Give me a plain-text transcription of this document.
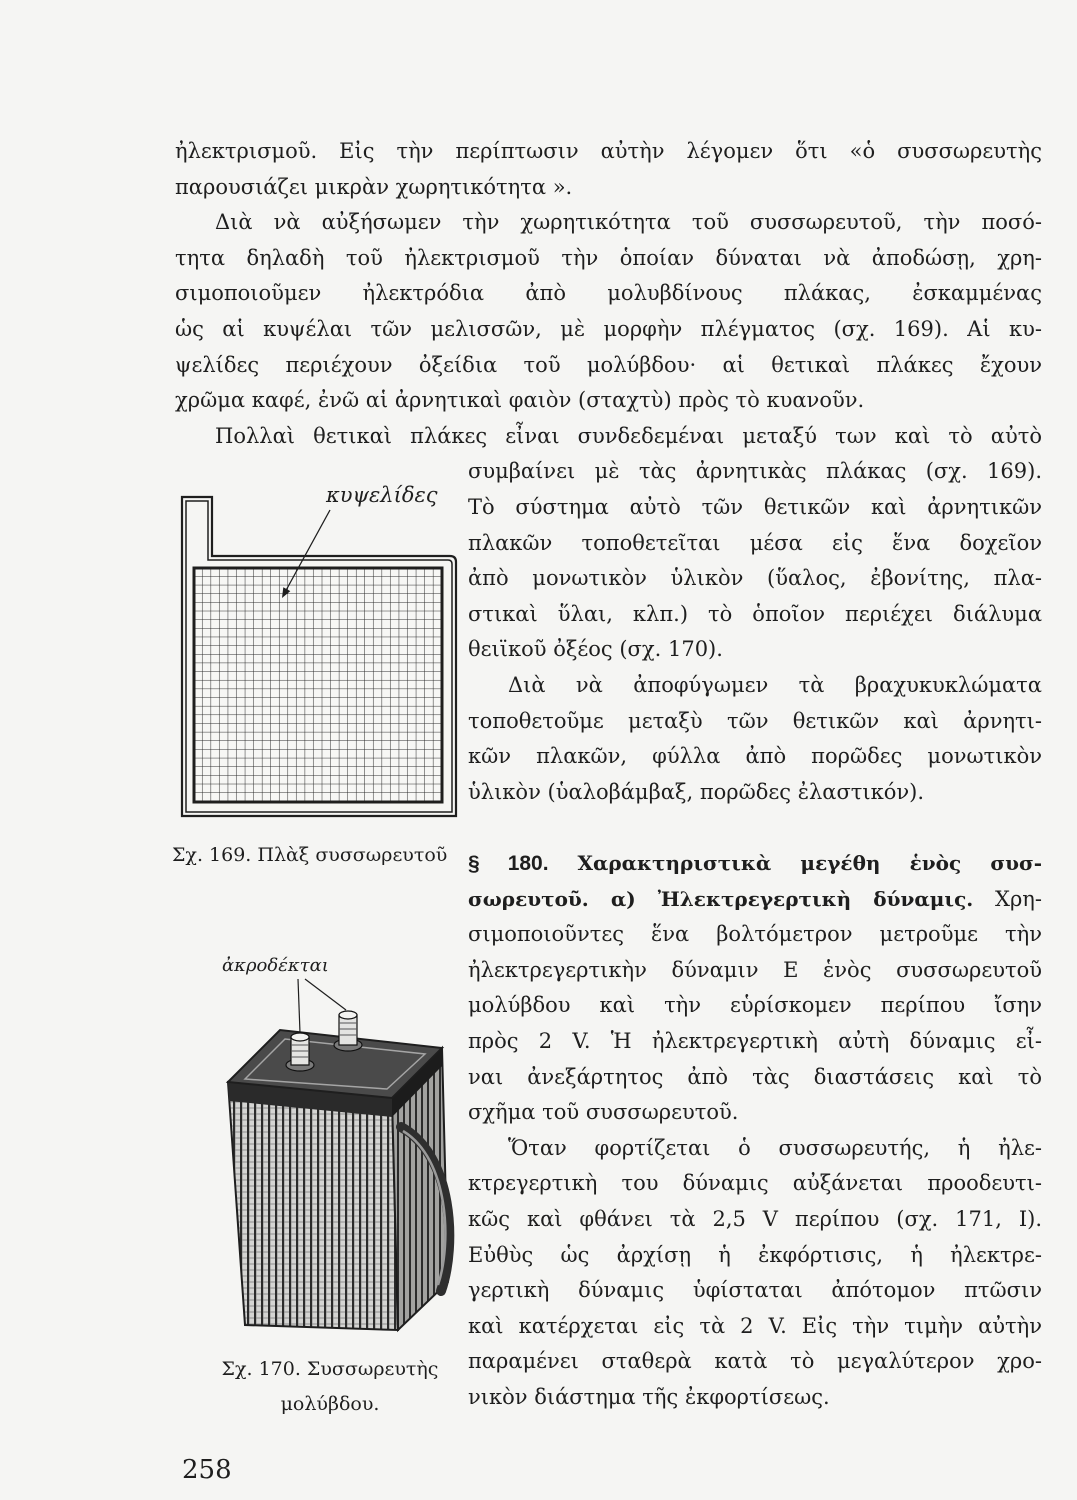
ἠλεκτρισμοῦ. Εἰς τὴν περίπτωσιν αὐτὴν λέγομεν ὅτι «ὁ συσσωρευτὴς
παρουσιάζει μικρὰν χωρητικότητα ».
Διὰ νὰ αὐξήσωμεν τὴν χωρητικότητα τοῦ συσσωρευτοῦ, τὴν ποσό-
τητα δηλαδὴ τοῦ ἠλεκτρισμοῦ τὴν ὁποίαν δύναται νὰ ἀποδώσῃ, χρη-
σιμοποιοῦμεν ἠλεκτρόδια ἀπὸ μολυβδίνους πλάκας, ἐσκαμμένας
ὡς αἱ κυψέλαι τῶν μελισσῶν, μὲ μορφὴν πλέγματος (σχ. 169). Αἱ κυ-
ψελίδες περιέχουν ὀξείδια τοῦ μολύβδου· αἱ θετικαὶ πλάκες ἔχουν
χρῶμα καφέ, ἐνῶ αἱ ἀρνητικαὶ φαιὸν (σταχτὺ) πρὸς τὸ κυανοῦν.
Πολλαὶ θετικαὶ πλάκες εἶναι συνδεδεμέναι μεταξύ των καὶ τὸ αὐτὸ
συμβαίνει μὲ τὰς ἀρνητικὰς πλάκας (σχ. 169).
Τὸ σύστημα αὐτὸ τῶν θετικῶν καὶ ἀρνητικῶν
πλακῶν τοποθετεῖται μέσα εἰς ἕνα δοχεῖον
ἀπὸ μονωτικὸν ὑλικὸν (ὕαλος, ἐβονίτης, πλα-
στικαὶ ὕλαι, κλπ.) τὸ ὁποῖον περιέχει διάλυμα
θειϊκοῦ ὀξέος (σχ. 170).
Διὰ νὰ ἀποφύγωμεν τὰ βραχυκυκλώματα
τοποθετοῦμε μεταξὺ τῶν θετικῶν καὶ ἀρνητι-
κῶν πλακῶν, φύλλα ἀπὸ πορῶδες μονωτικὸν
ὑλικὸν (ὑαλοβάμβαξ, πορῶδες ἐλαστικόν).
§ 180. Χαρακτηριστικὰ μεγέθη ἑνὸς συσ-
σωρευτοῦ. α) Ἠλεκτρεγερτικὴ δύναμις. Χρη-
σιμοποιοῦντες ἕνα βολτόμετρον μετροῦμε τὴν
ἠλεκτρεγερτικὴν δύναμιν E ἑνὸς συσσωρευτοῦ
μολύβδου καὶ τὴν εὑρίσκομεν περίπου ἴσην
πρὸς 2 V. Ἡ ἠλεκτρεγερτικὴ αὐτὴ δύναμις εἶ-
ναι ἀνεξάρτητος ἀπὸ τὰς διαστάσεις καὶ τὸ
σχῆμα τοῦ συσσωρευτοῦ.
Ὅταν φορτίζεται ὁ συσσωρευτής, ἡ ἠλε-
κτρεγερτικὴ του δύναμις αὐξάνεται προοδευτι-
κῶς καὶ φθάνει τὰ 2,5 V περίπου (σχ. 171, I).
Εὐθὺς ὡς ἀρχίσῃ ἡ ἐκφόρτισις, ἡ ἠλεκτρε-
γερτικὴ δύναμις ὑφίσταται ἀπότομον πτῶσιν
καὶ κατέρχεται εἰς τὰ 2 V. Εἰς τὴν τιμὴν αὐτὴν
παραμένει σταθερὰ κατὰ τὸ μεγαλύτερον χρο-
νικὸν διάστημα τῆς ἐκφορτίσεως.
κυψελίδες
Σχ. 169. Πλὰξ συσσωρευτοῦ
ἀκροδέκται
Σχ. 170. Συσσωρευτὴς
μολύβδου.
258
